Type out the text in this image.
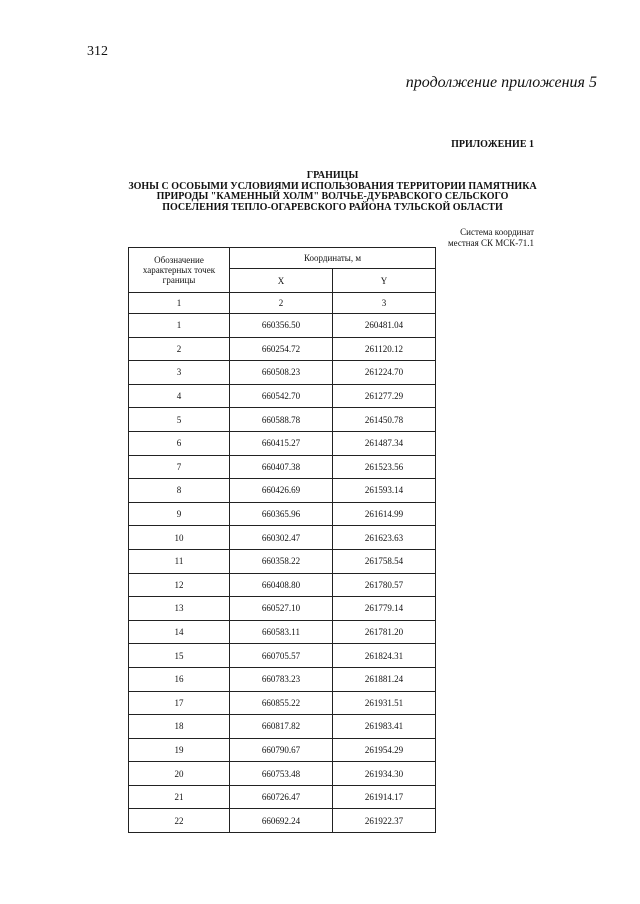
312
продолжение приложения 5
ПРИЛОЖЕНИЕ 1
ГРАНИЦЫ
ЗОНЫ С ОСОБЫМИ УСЛОВИЯМИ ИСПОЛЬЗОВАНИЯ ТЕРРИТОРИИ ПАМЯТНИКА
ПРИРОДЫ "КАМЕННЫЙ ХОЛМ" ВОЛЧЬЕ-ДУБРАВСКОГО СЕЛЬСКОГО
ПОСЕЛЕНИЯ ТЕПЛО-ОГАРЕВСКОГО РАЙОНА ТУЛЬСКОЙ ОБЛАСТИ
Система координат
местная СК МСК-71.1
Обозначение характерных точек границы	Координаты, м	
	X	Y
1	2	3
1	660356.50	260481.04
2	660254.72	261120.12
3	660508.23	261224.70
4	660542.70	261277.29
5	660588.78	261450.78
6	660415.27	261487.34
7	660407.38	261523.56
8	660426.69	261593.14
9	660365.96	261614.99
10	660302.47	261623.63
11	660358.22	261758.54
12	660408.80	261780.57
13	660527.10	261779.14
14	660583.11	261781.20
15	660705.57	261824.31
16	660783.23	261881.24
17	660855.22	261931.51
18	660817.82	261983.41
19	660790.67	261954.29
20	660753.48	261934.30
21	660726.47	261914.17
22	660692.24	261922.37
